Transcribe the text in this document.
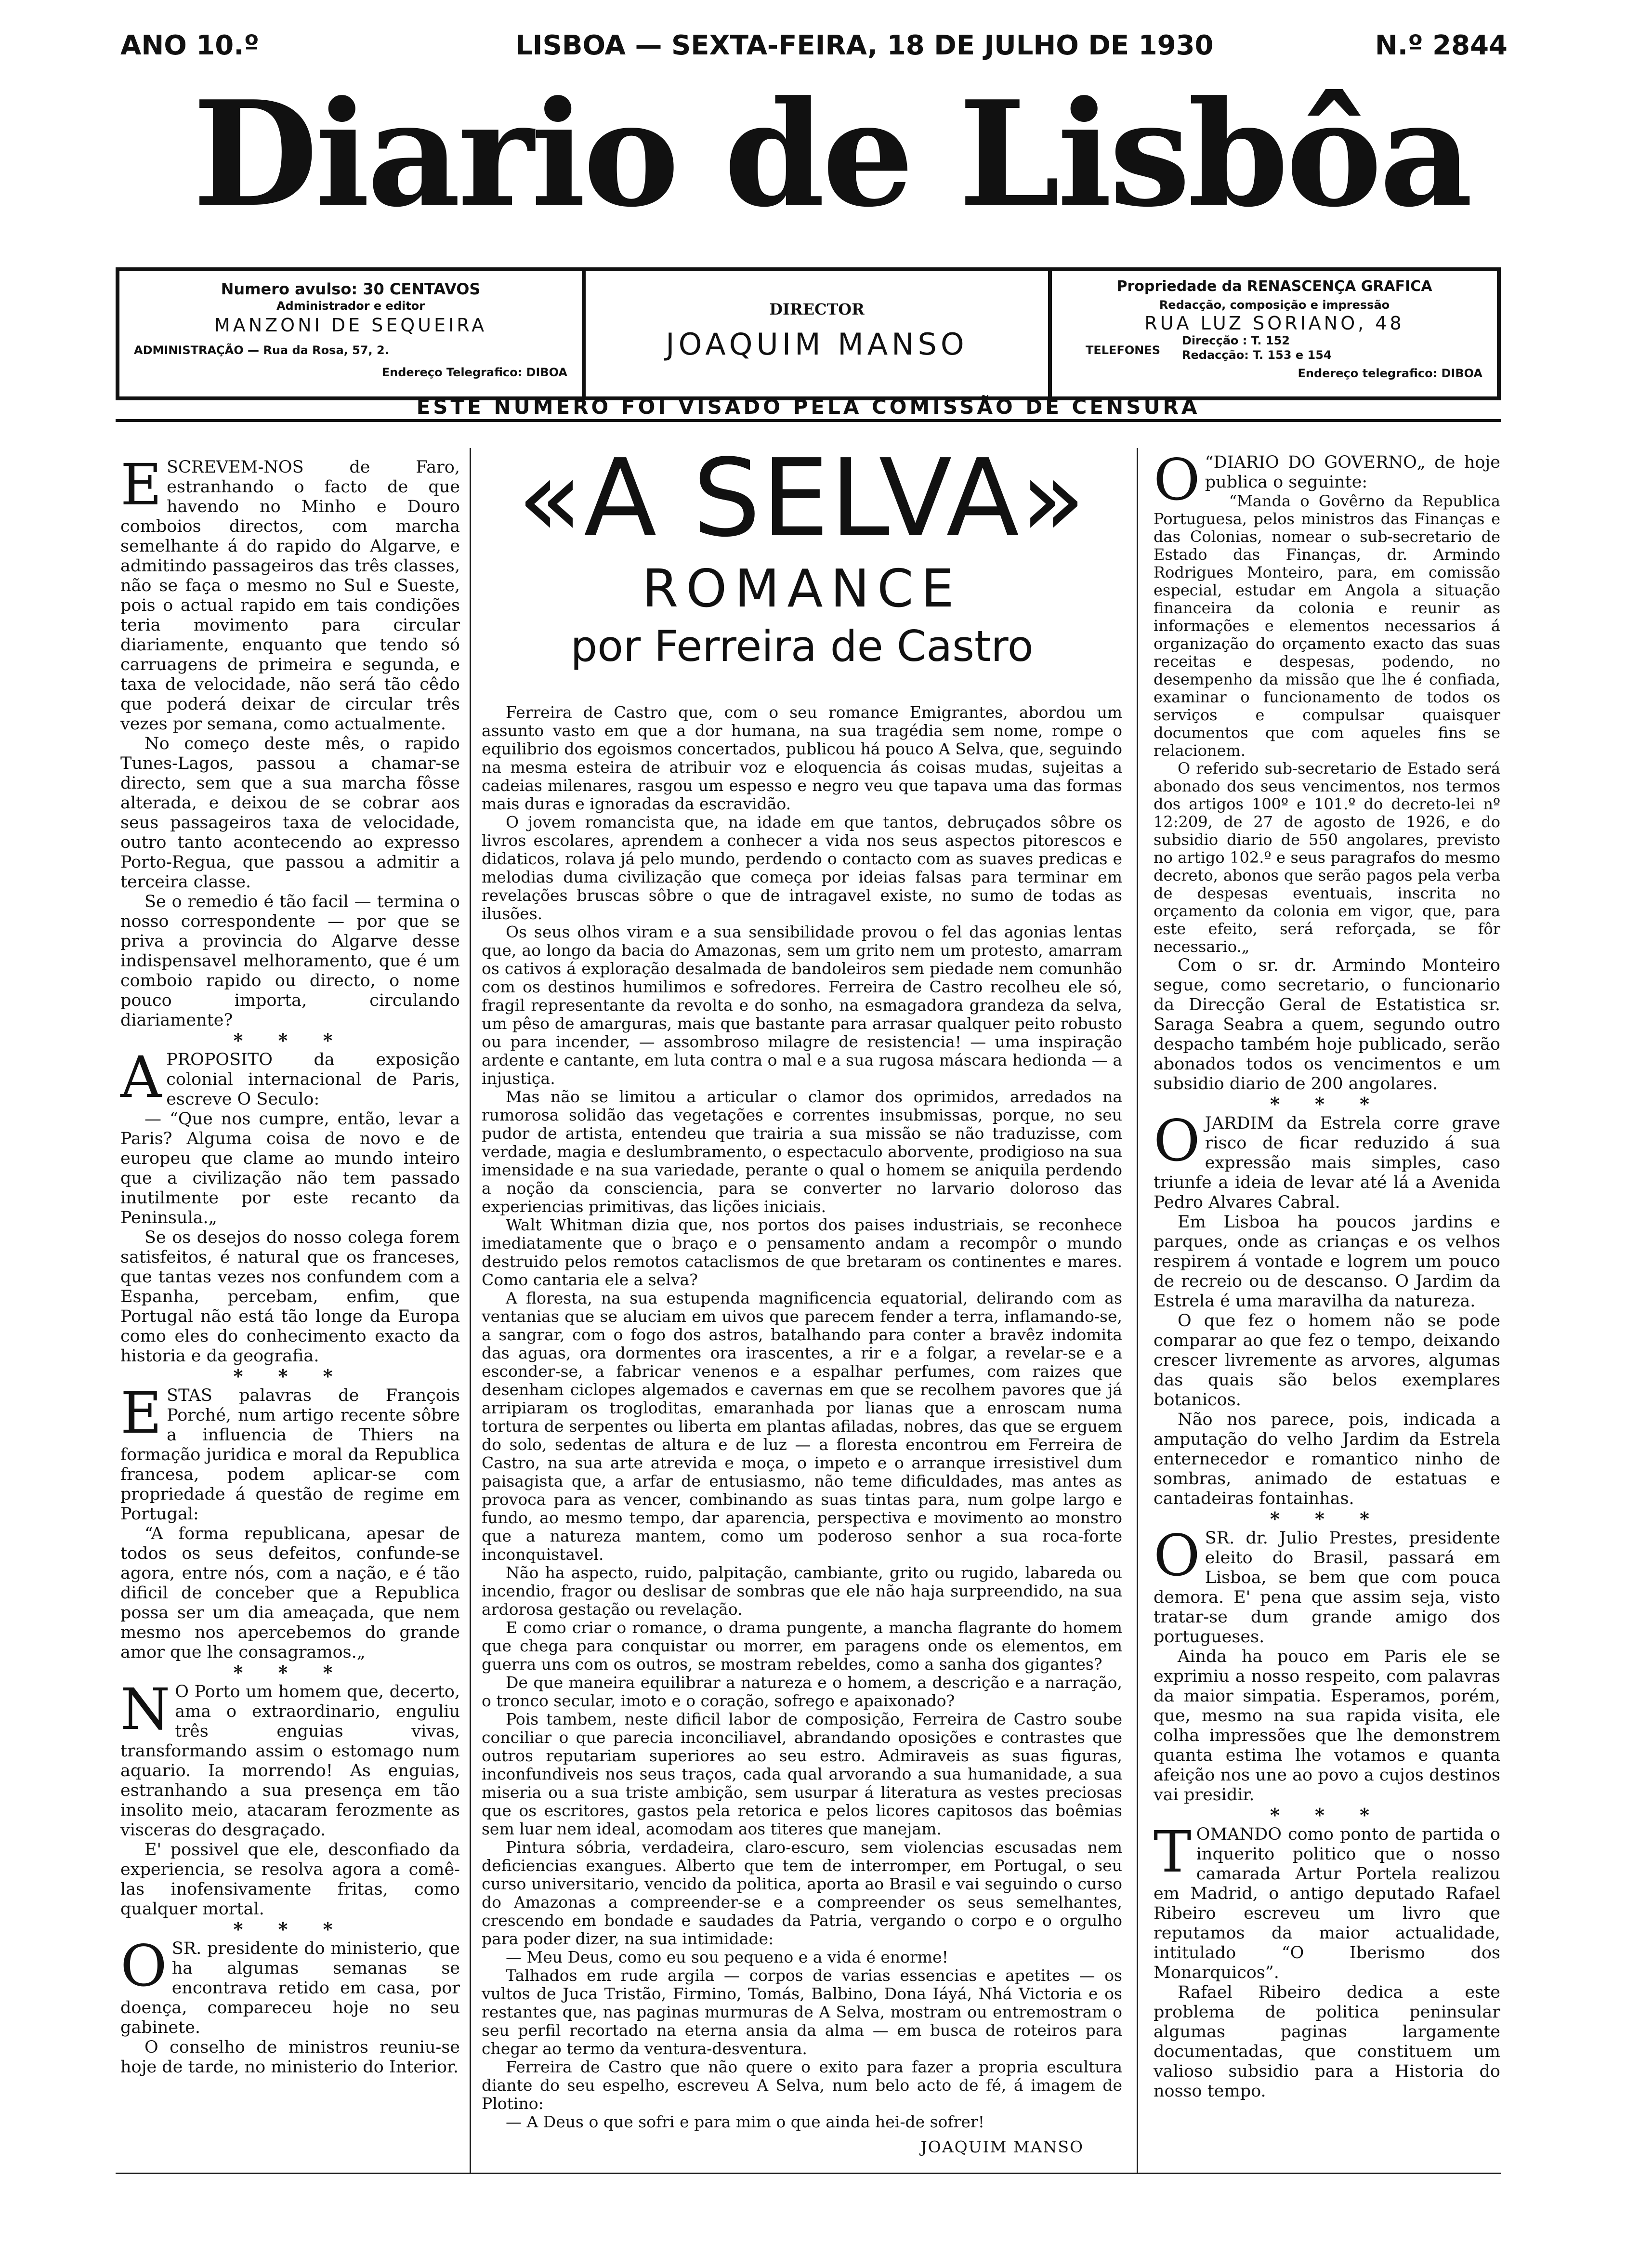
ANO 10.º	LISBOA — SEXTA-FEIRA, 18 DE JULHO DE 1930	N.º 2844
Diario de Lisbôa
Numero avulso: 30 CENTAVOS
Administrador e editor
MANZONI DE SEQUEIRA
ADMINISTRAÇÃO — Rua da Rosa, 57, 2.
Endereço Telegrafico: DIBOA
DIRECTOR
JOAQUIM MANSO
Propriedade da RENASCENÇA GRAFICA
Redacção, composição e impressão
RUA LUZ SORIANO, 48
TELEFONES
Direcção : T. 152
Redacção: T. 153 e 154
Endereço telegrafico: DIBOA
ESTE NUMERO FOI VISADO PELA COMISSÃO DE CENSURA

ESCREVEM-NOS de Faro, estranhando o facto de que havendo no Minho e Douro comboios directos, com marcha semelhante á do rapido do Algarve, e admitindo passageiros das três classes, não se faça o mesmo no Sul e Sueste, pois o actual rapido em tais condições teria movimento para circular diariamente, enquanto que tendo só carruagens de primeira e segunda, e taxa de velocidade, não será tão cêdo que poderá deixar de circular três vezes por semana, como actualmente.

No começo deste mês, o rapido Tunes-Lagos, passou a chamar-se directo, sem que a sua marcha fôsse alterada, e deixou de se cobrar aos seus passageiros taxa de velocidade, outro tanto acontecendo ao expresso Porto-Regua, que passou a admitir a terceira classe.

Se o remedio é tão facil — termina o nosso correspondente — por que se priva a provincia do Algarve desse indispensavel melhoramento, que é um comboio rapido ou directo, o nome pouco importa, circulando diariamente?

* * *

APROPOSITO da exposição colonial internacional de Paris, escreve O Seculo:

— “Que nos cumpre, então, levar a Paris? Alguma coisa de novo e de europeu que clame ao mundo inteiro que a civilização não tem passado inutilmente por este recanto da Peninsula.„

Se os desejos do nosso colega forem satisfeitos, é natural que os franceses, que tantas vezes nos confundem com a Espanha, percebam, enfim, que Portugal não está tão longe da Europa como eles do conhecimento exacto da historia e da geografia.

* * *

ESTAS palavras de François Porché, num artigo recente sôbre a influencia de Thiers na formação juridica e moral da Republica francesa, podem aplicar-se com propriedade á questão de regime em Portugal:

“A forma republicana, apesar de todos os seus defeitos, confunde-se agora, entre nós, com a nação, e é tão dificil de conceber que a Republica possa ser um dia ameaçada, que nem mesmo nos apercebemos do grande amor que lhe consagramos.„

* * *

N O Porto um homem que, decerto, ama o extraordinario, enguliu três enguias vivas, transformando assim o estomago num aquario. Ia morrendo! As enguias, estranhando a sua presença em tão insolito meio, atacaram ferozmente as visceras do desgraçado.

E' possivel que ele, desconfiado da experiencia, se resolva agora a comê-las inofensivamente fritas, como qualquer mortal.

* * *

OSR. presidente do ministerio, que ha algumas semanas se encontrava retido em casa, por doença, compareceu hoje no seu gabinete.

O conselho de ministros reuniu-se hoje de tarde, no ministerio do Interior.

«A SELVA»
ROMANCE
por Ferreira de Castro

Ferreira de Castro que, com o seu romance Emigrantes, abordou um assunto vasto em que a dor humana, na sua tragédia sem nome, rompe o equilibrio dos egoismos concertados, publicou há pouco A Selva, que, seguindo na mesma esteira de atribuir voz e eloquencia ás coisas mudas, sujeitas a cadeias milenares, rasgou um espesso e negro veu que tapava uma das formas mais duras e ignoradas da escravidão.

O jovem romancista que, na idade em que tantos, debruçados sôbre os livros escolares, aprendem a conhecer a vida nos seus aspectos pitorescos e didaticos, rolava já pelo mundo, perdendo o contacto com as suaves predicas e melodias duma civilização que começa por ideias falsas para terminar em revelações bruscas sôbre o que de intragavel existe, no sumo de todas as ilusões.

Os seus olhos viram e a sua sensibilidade provou o fel das agonias lentas que, ao longo da bacia do Amazonas, sem um grito nem um protesto, amarram os cativos á exploração desalmada de bandoleiros sem piedade nem comunhão com os destinos humilimos e sofredores. Ferreira de Castro recolheu ele só, fragil representante da revolta e do sonho, na esmagadora grandeza da selva, um pêso de amarguras, mais que bastante para arrasar qualquer peito robusto ou para incender, — assombroso milagre de resistencia! — uma inspiração ardente e cantante, em luta contra o mal e a sua rugosa máscara hedionda — a injustiça.

Mas não se limitou a articular o clamor dos oprimidos, arredados na rumorosa solidão das vegetações e correntes insubmissas, porque, no seu pudor de artista, entendeu que trairia a sua missão se não traduzisse, com verdade, magia e deslumbramento, o espectaculo aborvente, prodigioso na sua imensidade e na sua variedade, perante o qual o homem se aniquila perdendo a noção da consciencia, para se converter no larvario doloroso das experiencias primitivas, das lições iniciais.

Walt Whitman dizia que, nos portos dos paises industriais, se reconhece imediatamente que o braço e o pensamento andam a recompôr o mundo destruido pelos remotos cataclismos de que bretaram os continentes e mares. Como cantaria ele a selva?

A floresta, na sua estupenda magnificencia equatorial, delirando com as ventanias que se aluciam em uivos que parecem fender a terra, inflamando-se, a sangrar, com o fogo dos astros, batalhando para conter a bravêz indomita das aguas, ora dormentes ora irascentes, a rir e a folgar, a revelar-se e a esconder-se, a fabricar venenos e a espalhar perfumes, com raizes que desenham ciclopes algemados e cavernas em que se recolhem pavores que já arripiaram os trogloditas, emaranhada por lianas que a enroscam numa tortura de serpentes ou liberta em plantas afiladas, nobres, das que se erguem do solo, sedentas de altura e de luz — a floresta encontrou em Ferreira de Castro, na sua arte atrevida e moça, o impeto e o arranque irresistivel dum paisagista que, a arfar de entusiasmo, não teme dificuldades, mas antes as provoca para as vencer, combinando as suas tintas para, num golpe largo e fundo, ao mesmo tempo, dar aparencia, perspectiva e movimento ao monstro que a natureza mantem, como um poderoso senhor a sua roca-forte inconquistavel.

Não ha aspecto, ruido, palpitação, cambiante, grito ou rugido, labareda ou incendio, fragor ou deslisar de sombras que ele não haja surpreendido, na sua ardorosa gestação ou revelação.

E como criar o romance, o drama pungente, a mancha flagrante do homem que chega para conquistar ou morrer, em paragens onde os elementos, em guerra uns com os outros, se mostram rebeldes, como a sanha dos gigantes?

De que maneira equilibrar a natureza e o homem, a descrição e a narração, o tronco secular, imoto e o coração, sofrego e apaixonado?

Pois tambem, neste dificil labor de composição, Ferreira de Castro soube conciliar o que parecia inconciliavel, abrandando oposições e contrastes que outros reputariam superiores ao seu estro. Admiraveis as suas figuras, inconfundiveis nos seus traços, cada qual arvorando a sua humanidade, a sua miseria ou a sua triste ambição, sem usurpar á literatura as vestes preciosas que os escritores, gastos pela retorica e pelos licores capitosos das boêmias sem luar nem ideal, acomodam aos titeres que manejam.

Pintura sóbria, verdadeira, claro-escuro, sem violencias escusadas nem deficiencias exangues. Alberto que tem de interromper, em Portugal, o seu curso universitario, vencido da politica, aporta ao Brasil e vai seguindo o curso do Amazonas a compreender-se e a compreender os seus semelhantes, crescendo em bondade e saudades da Patria, vergando o corpo e o orgulho para poder dizer, na sua intimidade:

— Meu Deus, como eu sou pequeno e a vida é enorme!

Talhados em rude argila — corpos de varias essencias e apetites — os vultos de Juca Tristão, Firmino, Tomás, Balbino, Dona Iáyá, Nhá Victoria e os restantes que, nas paginas murmuras de A Selva, mostram ou entremostram o seu perfil recortado na eterna ansia da alma — em busca de roteiros para chegar ao termo da ventura-desventura.

Ferreira de Castro que não quere o exito para fazer a propria escultura diante do seu espelho, escreveu A Selva, num belo acto de fé, á imagem de Plotino:

— A Deus o que sofri e para mim o que ainda hei-de sofrer!

JOAQUIM MANSO

O “DIARIO DO GOVERNO„ de hoje publica o seguinte:

“Manda o Govêrno da Republica Portuguesa, pelos ministros das Finanças e das Colonias, nomear o sub-secretario de Estado das Finanças, dr. Armindo Rodrigues Monteiro, para, em comissão especial, estudar em Angola a situação financeira da colonia e reunir as informações e elementos necessarios á organização do orçamento exacto das suas receitas e despesas, podendo, no desempenho da missão que lhe é confiada, examinar o funcionamento de todos os serviços e compulsar quaisquer documentos que com aqueles fins se relacionem.

O referido sub-secretario de Estado será abonado dos seus vencimentos, nos termos dos artigos 100º e 101.º do decreto-lei nº 12:209, de 27 de agosto de 1926, e do subsidio diario de 550 angolares, previsto no artigo 102.º e seus paragrafos do mesmo decreto, abonos que serão pagos pela verba de despesas eventuais, inscrita no orçamento da colonia em vigor, que, para este efeito, será reforçada, se fôr necessario.„

Com o sr. dr. Armindo Monteiro segue, como secretario, o funcionario da Direcção Geral de Estatistica sr. Saraga Seabra a quem, segundo outro despacho também hoje publicado, serão abonados todos os vencimentos e um subsidio diario de 200 angolares.

* * *

OJARDIM da Estrela corre grave risco de ficar reduzido á sua expressão mais simples, caso triunfe a ideia de levar até lá a Avenida Pedro Alvares Cabral.

Em Lisboa ha poucos jardins e parques, onde as crianças e os velhos respirem á vontade e logrem um pouco de recreio ou de descanso. O Jardim da Estrela é uma maravilha da natureza.

O que fez o homem não se pode comparar ao que fez o tempo, deixando crescer livremente as arvores, algumas das quais são belos exemplares botanicos.

Não nos parece, pois, indicada a amputação do velho Jardim da Estrela enternecedor e romantico ninho de sombras, animado de estatuas e cantadeiras fontainhas.

* * *

OSR. dr. Julio Prestes, presidente eleito do Brasil, passará em Lisboa, se bem que com pouca demora. E' pena que assim seja, visto tratar-se dum grande amigo dos portugueses.

Ainda ha pouco em Paris ele se exprimiu a nosso respeito, com palavras da maior simpatia. Esperamos, porém, que, mesmo na sua rapida visita, ele colha impressões que lhe demonstrem quanta estima lhe votamos e quanta afeição nos une ao povo a cujos destinos vai presidir.

* * *

TOMANDO como ponto de partida o inquerito politico que o nosso camarada Artur Portela realizou em Madrid, o antigo deputado Rafael Ribeiro escreveu um livro que reputamos da maior actualidade, intitulado “O Iberismo dos Monarquicos”.

Rafael Ribeiro dedica a este problema de politica peninsular algumas paginas largamente documentadas, que constituem um valioso subsidio para a Historia do nosso tempo.
